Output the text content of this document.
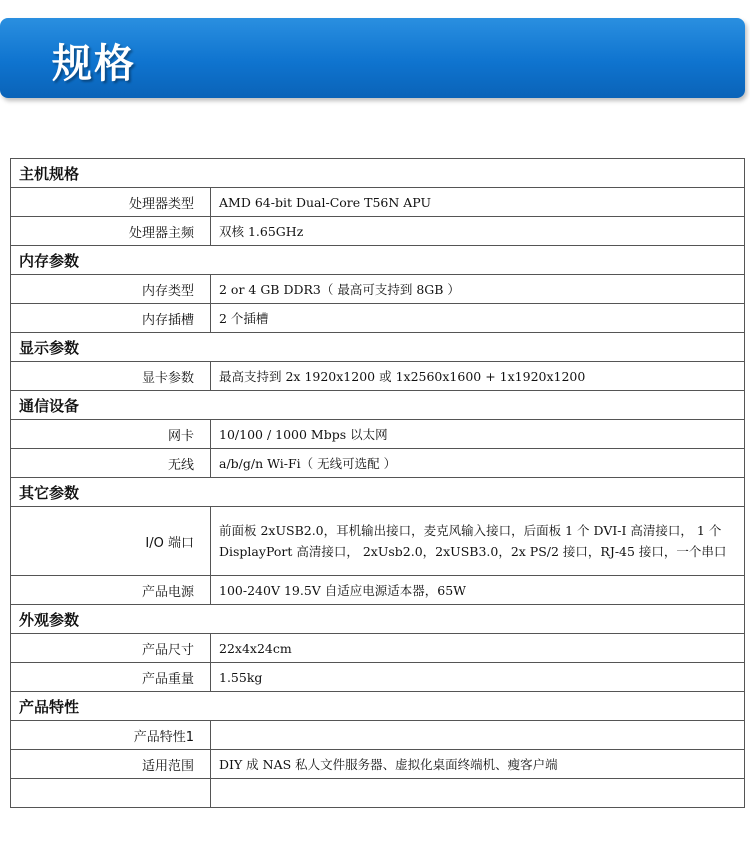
规格
主机规格	
处理器类型	AMD 64-bit Dual-Core T56N APU
处理器主频	双核 1.65GHz
内存参数	
内存类型	2 or 4 GB DDR3（ 最高可支持到 8GB ）
内存插槽	2 个插槽
显示参数	
显卡参数	最高支持到 2x 1920x1200 或 1x2560x1600 + 1x1920x1200
通信设备	
网卡	10/100 / 1000 Mbps 以太网
无线	a/b/g/n Wi-Fi（ 无线可选配 ）
其它参数	
I/O 端口	前面板 2xUSB2.0，耳机输出接口，麦克风输入接口，后面板 1 个 DVI-I 高清接口， 1 个 DisplayPort 高清接口， 2xUsb2.0，2xUSB3.0，2x PS/2 接口，RJ-45 接口，一个串口
产品电源	100-240V 19.5V 自适应电源适本器，65W
外观参数	
产品尺寸	22x4x24cm
产品重量	1.55kg
产品特性	
产品特性1	
适用范围	DIY 成 NAS 私人文件服务器、虚拟化桌面终端机、瘦客户端
